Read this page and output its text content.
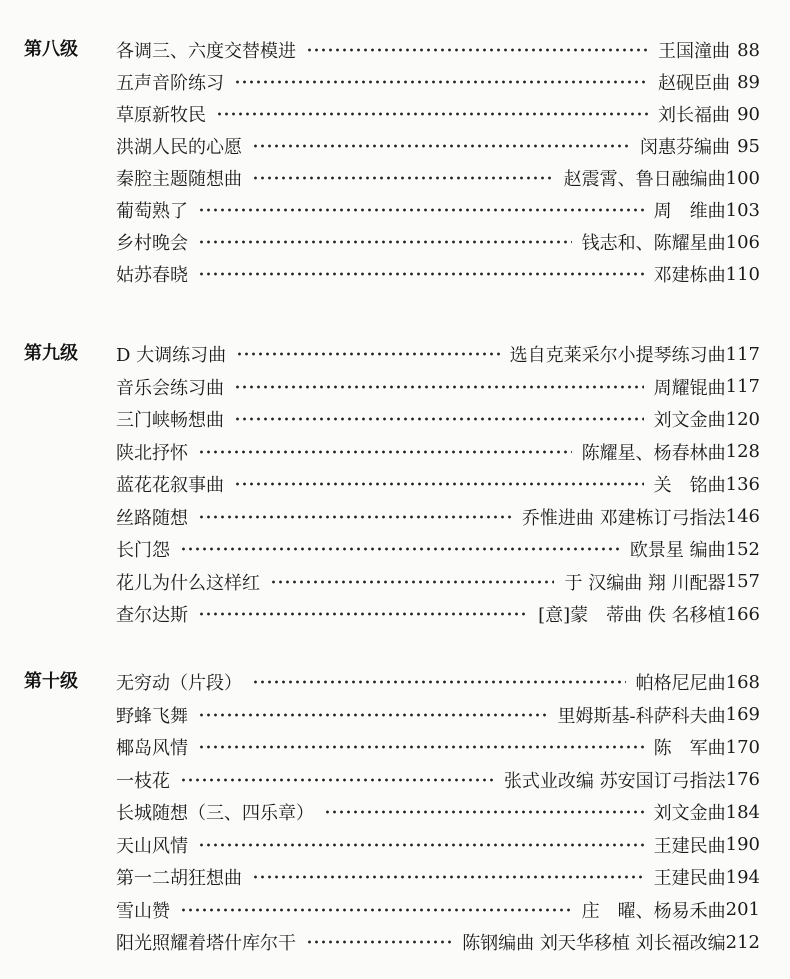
第八级 各调三、六度交替模进	王国潼曲 88
五声音阶练习	赵砚臣曲 89
草原新牧民	刘长福曲 90
洪湖人民的心愿	闵惠芬编曲 95
秦腔主题随想曲	赵震霄、鲁日融编曲 100
葡萄熟了	周　维曲 103
乡村晚会	钱志和、陈耀星曲 106
姑苏春晓	邓建栋曲 110
第九级 D 大调练习曲	选自克莱采尔小提琴练习曲 117
音乐会练习曲	周耀锟曲 117
三门峡畅想曲	刘文金曲 120
陕北抒怀	陈耀星、杨春林曲 128
蓝花花叙事曲	关　铭曲 136
丝路随想	乔惟进曲 邓建栋订弓指法 146
长门怨	欧景星 编曲 152
花儿为什么这样红	于 汉编曲 翔 川配器 157
查尔达斯	[意]蒙　蒂曲 佚 名移植 166
第十级 无穷动（片段）	帕格尼尼曲 168
野蜂飞舞	里姆斯基-科萨科夫曲 169
椰岛风情	陈　军曲 170
一枝花	张式业改编 苏安国订弓指法 176
长城随想（三、四乐章）	刘文金曲 184
天山风情	王建民曲 190
第一二胡狂想曲	王建民曲 194
雪山赞	庄　曜、杨易禾曲 201
阳光照耀着塔什库尔干	陈钢编曲 刘天华移植 刘长福改编 212
